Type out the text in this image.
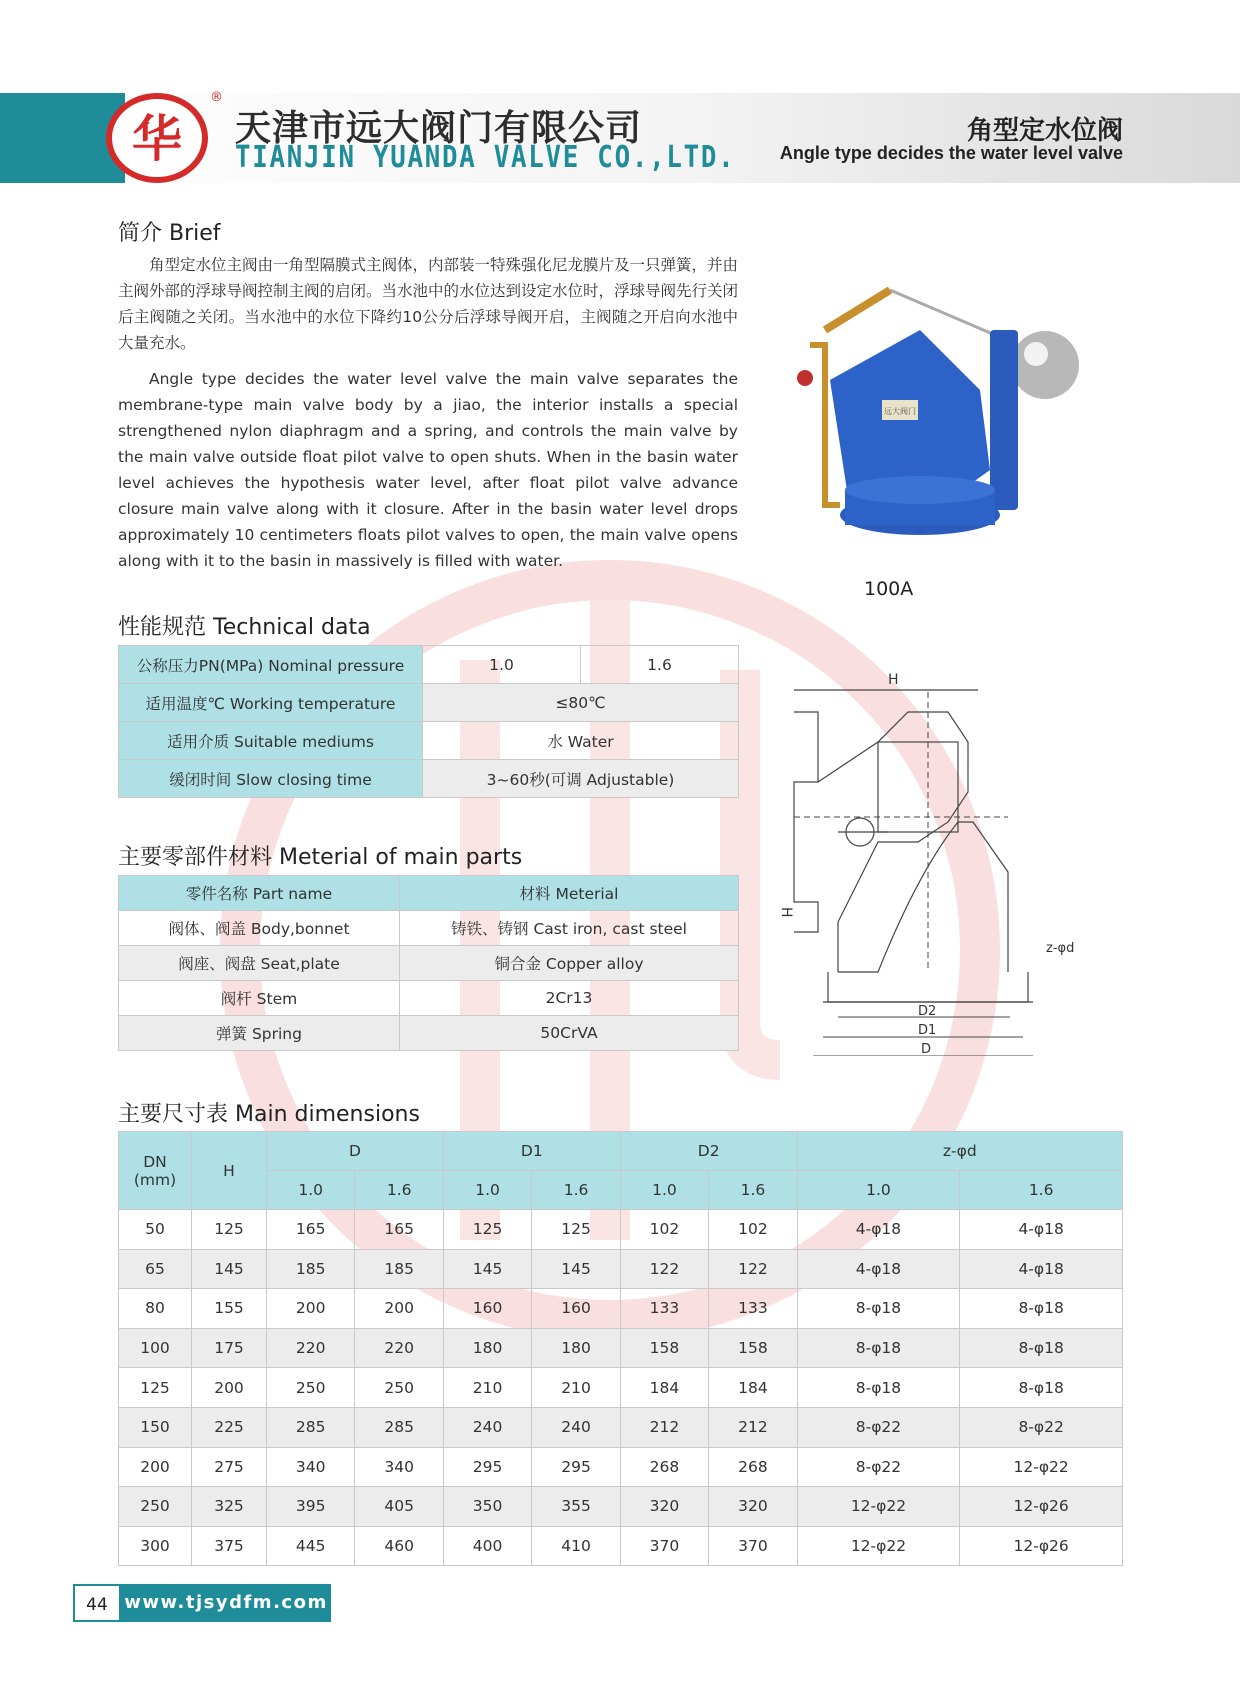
华
®
天津市远大阀门有限公司
TIANJIN YUANDA VALVE CO.,LTD.
角型定水位阀
Angle type decides the water level valve
简介 Brief
角型定水位主阀由一角型隔膜式主阀体，内部装一特殊强化尼龙膜片及一只弹簧，并由主阀外部的浮球导阀控制主阀的启闭。当水池中的水位达到设定水位时，浮球导阀先行关闭后主阀随之关闭。当水池中的水位下降约10公分后浮球导阀开启，主阀随之开启向水池中大量充水。
Angle type decides the water level valve the main valve separates the membrane-type main valve body by a jiao, the interior installs a special strengthened nylon diaphragm and a spring, and controls the main valve by the main valve outside float pilot valve to open shuts. When in the basin water level achieves the hypothesis water level, after float pilot valve advance closure main valve along with it closure. After in the basin water level drops approximately 10 centimeters floats pilot valves to open, the main valve opens along with it to the basin in massively is filled with water.
远大阀门
100A
H
H
z-φd
D2
D1
D
性能规范 Technical data
公称压力PN(MPa) Nominal pressure	1.0	1.6
适用温度℃ Working temperature	≤80℃	
适用介质 Suitable mediums	水 Water	
缓闭时间 Slow closing time	3~60秒(可调 Adjustable)	
主要零部件材料 Meterial of main parts
零件名称 Part name	材料 Meterial
阀体、阀盖 Body,bonnet	铸铁、铸钢 Cast iron, cast steel
阀座、阀盘 Seat,plate	铜合金 Copper alloy
阀杆 Stem	2Cr13
弹簧 Spring	50CrVA
主要尺寸表 Main dimensions
DN
(mm)	H	D		D1		D2		z-φd	
		1.0	1.6	1.0	1.6	1.0	1.6	1.0	1.6
50	125	165	165	125	125	102	102	4-φ18	4-φ18
65	145	185	185	145	145	122	122	4-φ18	4-φ18
80	155	200	200	160	160	133	133	8-φ18	8-φ18
100	175	220	220	180	180	158	158	8-φ18	8-φ18
125	200	250	250	210	210	184	184	8-φ18	8-φ18
150	225	285	285	240	240	212	212	8-φ22	8-φ22
200	275	340	340	295	295	268	268	8-φ22	12-φ22
250	325	395	405	350	355	320	320	12-φ22	12-φ26
300	375	445	460	400	410	370	370	12-φ22	12-φ26
44 www.tjsydfm.com
